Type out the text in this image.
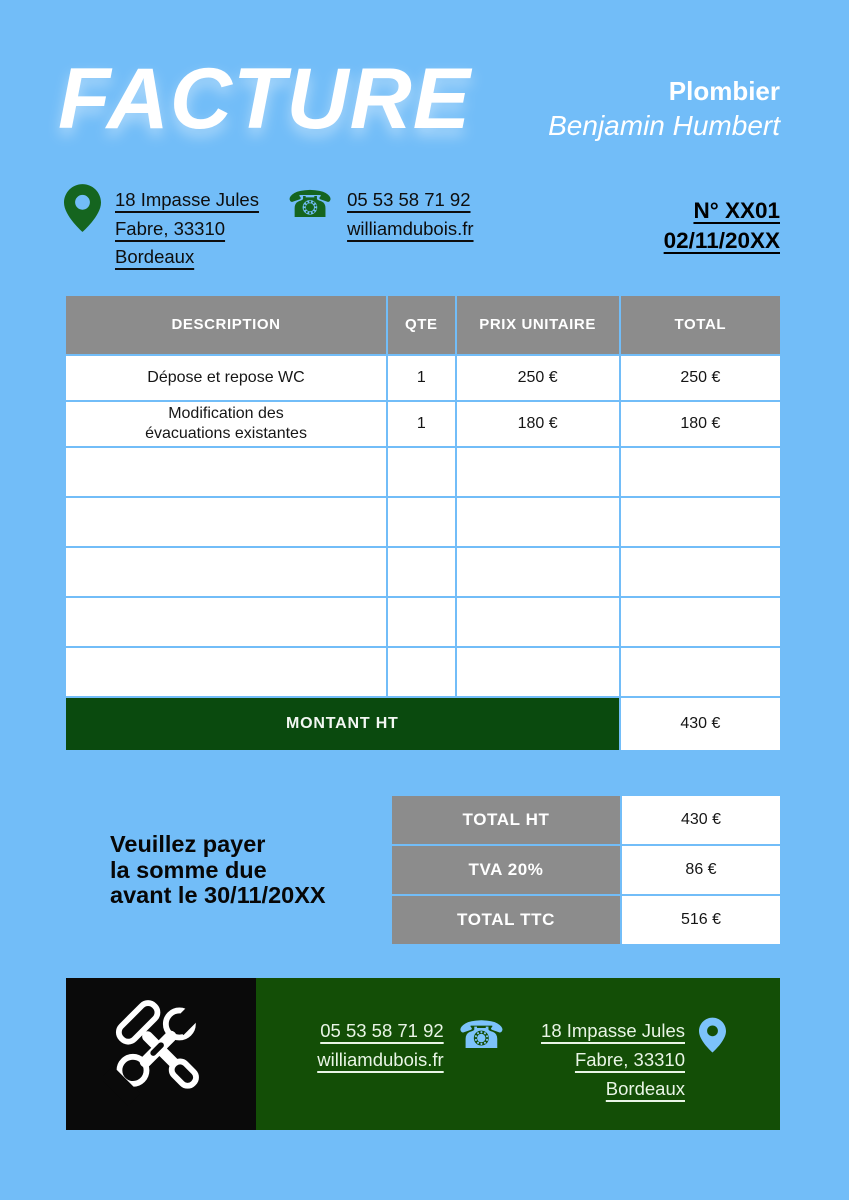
FACTURE	Plombier
Benjamin Humbert
18 Impasse Jules
Fabre, 33310
Bordeaux
☎ 05 53 58 71 92
williamdubois.fr
N° XX01
02/11/20XX
DESCRIPTION	QTE	PRIX UNITAIRE	TOTAL
Dépose et repose WC	1	250 €	250 €
Modification des évacuations existantes	1	180 €	180 €

MONTANT HT			430 €
Veuillez payer
la somme due
avant le 30/11/20XX
TOTAL HT	430 €
TVA 20%	86 €
TOTAL TTC	516 €
05 53 58 71 92
williamdubois.fr
☎ 18 Impasse Jules
Fabre, 33310
Bordeaux
